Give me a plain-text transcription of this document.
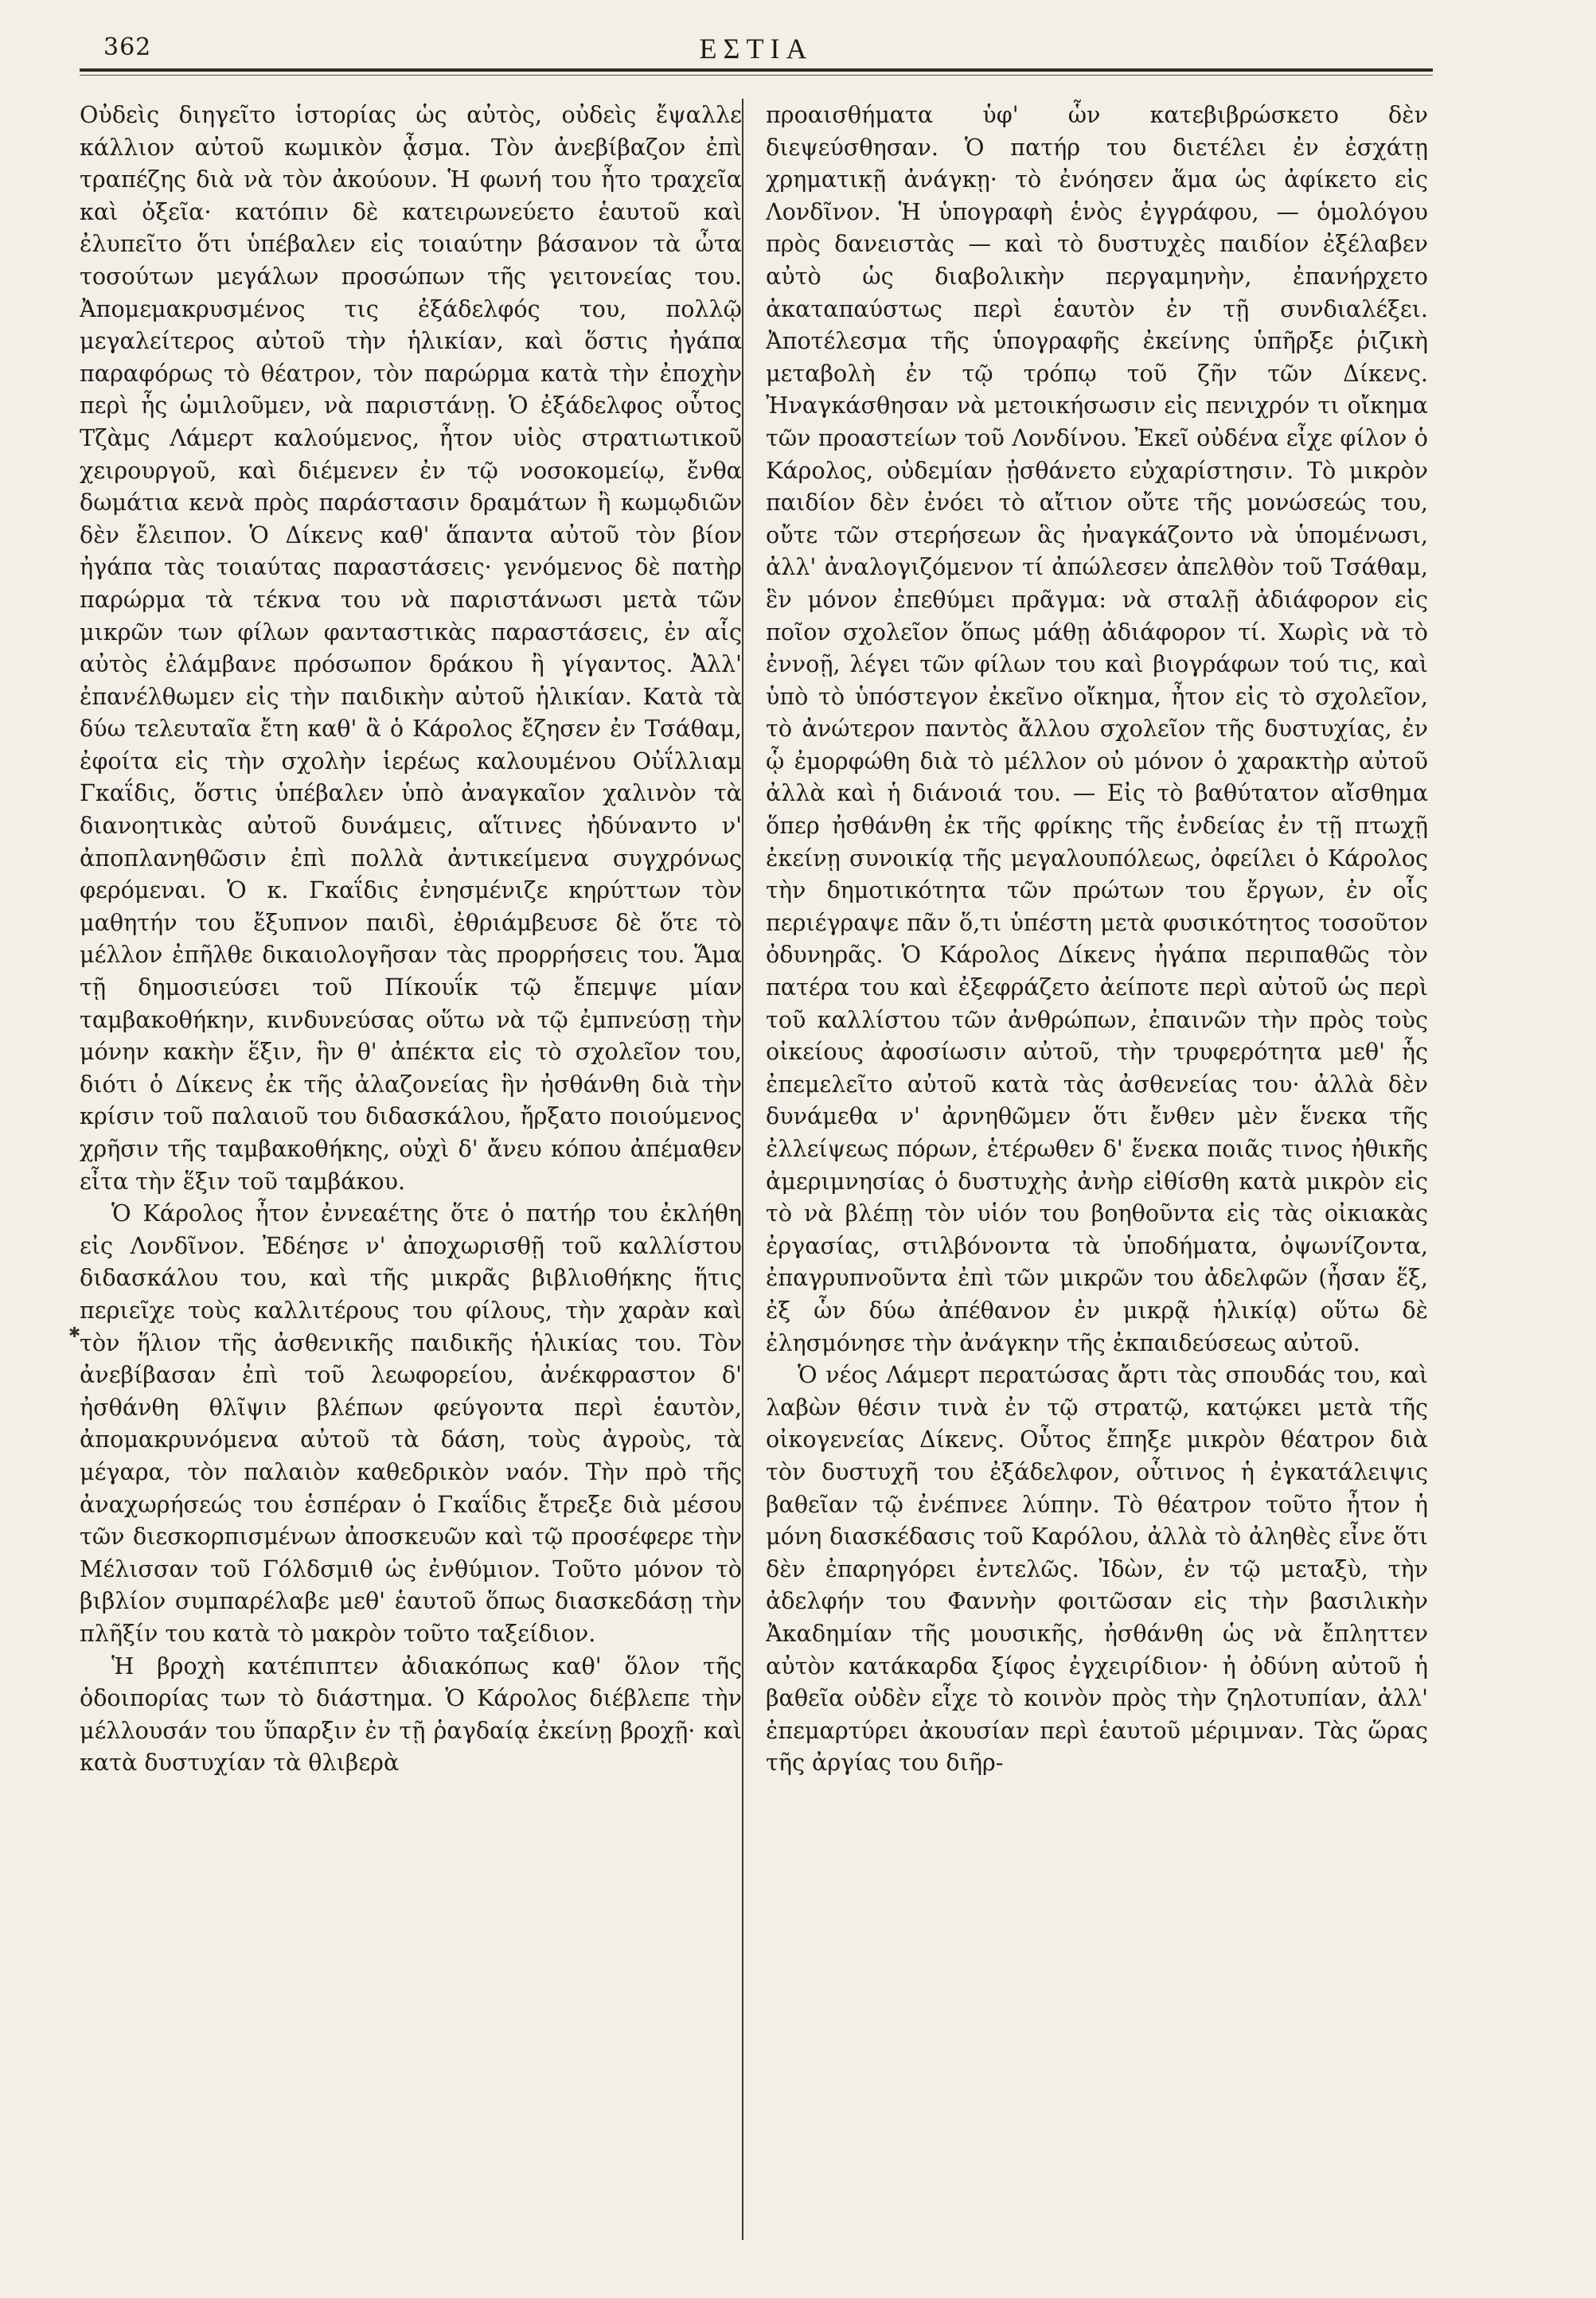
362	ΕΣΤΙΑ

Οὐδεὶς διηγεῖτο ἱστορίας ὡς αὐτὸς, οὐδεὶς ἔψαλλε κάλλιον αὐτοῦ κωμικὸν ᾆσμα. Τὸν ἀνεβίβαζον ἐπὶ τραπέζης διὰ νὰ τὸν ἀκούουν. Ἡ φωνή του ἦτο τραχεῖα καὶ ὀξεῖα· κατόπιν δὲ κατειρωνεύετο ἑαυτοῦ καὶ ἐλυπεῖτο ὅτι ὑπέβαλεν εἰς τοιαύτην βάσανον τὰ ὦτα τοσούτων μεγάλων προσώπων τῆς γειτονείας του. Ἀπομεμακρυσμένος τις ἐξάδελφός του, πολλῷ μεγαλείτερος αὐτοῦ τὴν ἡλικίαν, καὶ ὅστις ἠγάπα παραφόρως τὸ θέατρον, τὸν παρώρμα κατὰ τὴν ἐποχὴν περὶ ἧς ὡμιλοῦμεν, νὰ παριστάνῃ. Ὁ ἐξάδελφος οὗτος Τζὰμς Λάμερτ καλούμενος, ἦτον υἱὸς στρατιωτικοῦ χειρουργοῦ, καὶ διέμενεν ἐν τῷ νοσοκομείῳ, ἔνθα δωμάτια κενὰ πρὸς παράστασιν δραμάτων ἢ κωμῳδιῶν δὲν ἔλειπον. Ὁ Δίκενς καθ' ἅπαντα αὐτοῦ τὸν βίον ἠγάπα τὰς τοιαύτας παραστάσεις· γενόμενος δὲ πατὴρ παρώρμα τὰ τέκνα του νὰ παριστάνωσι μετὰ τῶν μικρῶν των φίλων φανταστικὰς παραστάσεις, ἐν αἷς αὐτὸς ἐλάμβανε πρόσωπον δράκου ἢ γίγαντος. Ἀλλ' ἐπανέλθωμεν εἰς τὴν παιδικὴν αὐτοῦ ἡλικίαν. Κατὰ τὰ δύω τελευταῖα ἔτη καθ' ἃ ὁ Κάρολος ἔζησεν ἐν Τσάθαμ, ἐφοίτα εἰς τὴν σχολὴν ἱερέως καλουμένου Οὐΐλλιαμ Γκαΐδις, ὅστις ὑπέβαλεν ὑπὸ ἀναγκαῖον χαλινὸν τὰ διανοητικὰς αὐτοῦ δυνάμεις, αἵτινες ἠδύναντο ν' ἀποπλανηθῶσιν ἐπὶ πολλὰ ἀντικείμενα συγχρόνως φερόμεναι. Ὁ κ. Γκαΐδις ἐνησμένιζε κηρύττων τὸν μαθητήν του ἔξυπνον παιδὶ, ἐθριάμβευσε δὲ ὅτε τὸ μέλλον ἐπῆλθε δικαιολογῆσαν τὰς προρρήσεις του. Ἅμα τῇ δημοσιεύσει τοῦ Πίκουΐκ τῷ ἔπεμψε μίαν ταμβακοθήκην, κινδυνεύσας οὕτω νὰ τῷ ἐμπνεύσῃ τὴν μόνην κακὴν ἕξιν, ἣν θ' ἀπέκτα εἰς τὸ σχολεῖον του, διότι ὁ Δίκενς ἐκ τῆς ἀλαζονείας ἣν ἠσθάνθη διὰ τὴν κρίσιν τοῦ παλαιοῦ του διδασκάλου, ἤρξατο ποιούμενος χρῆσιν τῆς ταμβακοθήκης, οὐχὶ δ' ἄνευ κόπου ἀπέμαθεν εἶτα τὴν ἕξιν τοῦ ταμβάκου.

Ὁ Κάρολος ἦτον ἐννεαέτης ὅτε ὁ πατήρ του ἐκλήθη εἰς Λονδῖνον. Ἐδέησε ν' ἀποχωρισθῇ τοῦ καλλίστου διδασκάλου του, καὶ τῆς μικρᾶς βιβλιοθήκης ἥτις περιεῖχε τοὺς καλλιτέρους του φίλους, τὴν χαρὰν καὶ τὸν ἥλιον τῆς ἀσθενικῆς παιδικῆς ἡλικίας του. Τὸν ἀνεβίβασαν ἐπὶ τοῦ λεωφορείου, ἀνέκφραστον δ' ἠσθάνθη θλῖψιν βλέπων φεύγοντα περὶ ἑαυτὸν, ἀπομακρυνόμενα αὐτοῦ τὰ δάση, τοὺς ἀγροὺς, τὰ μέγαρα, τὸν παλαιὸν καθεδρικὸν ναόν. Τὴν πρὸ τῆς ἀναχωρήσεώς του ἑσπέραν ὁ Γκαΐδις ἔτρεξε διὰ μέσου τῶν διεσκορπισμένων ἀποσκευῶν καὶ τῷ προσέφερε τὴν Μέλισσαν τοῦ Γόλδσμιθ ὡς ἐνθύμιον. Τοῦτο μόνον τὸ βιβλίον συμπαρέλαβε μεθ' ἑαυτοῦ ὅπως διασκεδάσῃ τὴν πλῆξίν του κατὰ τὸ μακρὸν τοῦτο ταξείδιον.

Ἡ βροχὴ κατέπιπτεν ἀδιακόπως καθ' ὅλον τῆς ὁδοιπορίας των τὸ διάστημα. Ὁ Κάρολος διέβλεπε τὴν μέλλουσάν του ὕπαρξιν ἐν τῇ ῥαγδαίᾳ ἐκείνῃ βροχῇ· καὶ κατὰ δυστυχίαν τὰ θλιβερὰ

προαισθήματα ὑφ' ὧν κατεβιβρώσκετο δὲν διεψεύσθησαν. Ὁ πατήρ του διετέλει ἐν ἐσχάτῃ χρηματικῇ ἀνάγκῃ· τὸ ἐνόησεν ἅμα ὡς ἀφίκετο εἰς Λονδῖνον. Ἡ ὑπογραφὴ ἑνὸς ἐγγράφου, — ὁμολόγου πρὸς δανειστὰς — καὶ τὸ δυστυχὲς παιδίον ἐξέλαβεν αὐτὸ ὡς διαβολικὴν περγαμηνὴν, ἐπανήρχετο ἀκαταπαύστως περὶ ἑαυτὸν ἐν τῇ συνδιαλέξει. Ἀποτέλεσμα τῆς ὑπογραφῆς ἐκείνης ὑπῆρξε ῥιζικὴ μεταβολὴ ἐν τῷ τρόπῳ τοῦ ζῆν τῶν Δίκενς. Ἠναγκάσθησαν νὰ μετοικήσωσιν εἰς πενιχρόν τι οἴκημα τῶν προαστείων τοῦ Λονδίνου. Ἐκεῖ οὐδένα εἶχε φίλον ὁ Κάρολος, οὐδεμίαν ᾐσθάνετο εὐχαρίστησιν. Τὸ μικρὸν παιδίον δὲν ἐνόει τὸ αἴτιον οὔτε τῆς μονώσεώς του, οὔτε τῶν στερήσεων ἃς ἠναγκάζοντο νὰ ὑπομένωσι, ἀλλ' ἀναλογιζόμενον τί ἀπώλεσεν ἀπελθὸν τοῦ Τσάθαμ, ἓν μόνον ἐπεθύμει πρᾶγμα: νὰ σταλῇ ἀδιάφορον εἰς ποῖον σχολεῖον ὅπως μάθῃ ἀδιάφορον τί. Χωρὶς νὰ τὸ ἐννοῇ, λέγει τῶν φίλων του καὶ βιογράφων τού τις, καὶ ὑπὸ τὸ ὑπόστεγον ἐκεῖνο οἴκημα, ἦτον εἰς τὸ σχολεῖον, τὸ ἀνώτερον παντὸς ἄλλου σχολεῖον τῆς δυστυχίας, ἐν ᾧ ἐμορφώθη διὰ τὸ μέλλον οὐ μόνον ὁ χαρακτὴρ αὐτοῦ ἀλλὰ καὶ ἡ διάνοιά του. — Εἰς τὸ βαθύτατον αἴσθημα ὅπερ ἠσθάνθη ἐκ τῆς φρίκης τῆς ἐνδείας ἐν τῇ πτωχῇ ἐκείνῃ συνοικίᾳ τῆς μεγαλουπόλεως, ὀφείλει ὁ Κάρολος τὴν δημοτικότητα τῶν πρώτων του ἔργων, ἐν οἷς περιέγραψε πᾶν ὅ,τι ὑπέστη μετὰ φυσικότητος τοσοῦτον ὀδυνηρᾶς. Ὁ Κάρολος Δίκενς ἠγάπα περιπαθῶς τὸν πατέρα του καὶ ἐξεφράζετο ἀείποτε περὶ αὐτοῦ ὡς περὶ τοῦ καλλίστου τῶν ἀνθρώπων, ἐπαινῶν τὴν πρὸς τοὺς οἰκείους ἀφοσίωσιν αὐτοῦ, τὴν τρυφερότητα μεθ' ἧς ἐπεμελεῖτο αὐτοῦ κατὰ τὰς ἀσθενείας του· ἀλλὰ δὲν δυνάμεθα ν' ἀρνηθῶμεν ὅτι ἔνθεν μὲν ἕνεκα τῆς ἐλλείψεως πόρων, ἑτέρωθεν δ' ἕνεκα ποιᾶς τινος ἠθικῆς ἀμεριμνησίας ὁ δυστυχὴς ἀνὴρ εἰθίσθη κατὰ μικρὸν εἰς τὸ νὰ βλέπῃ τὸν υἱόν του βοηθοῦντα εἰς τὰς οἰκιακὰς ἐργασίας, στιλβόνοντα τὰ ὑποδήματα, ὀψωνίζοντα, ἐπαγρυπνοῦντα ἐπὶ τῶν μικρῶν του ἀδελφῶν (ἦσαν ἕξ, ἐξ ὧν δύω ἀπέθανον ἐν μικρᾷ ἡλικίᾳ) οὕτω δὲ ἐλησμόνησε τὴν ἀνάγκην τῆς ἐκπαιδεύσεως αὐτοῦ.

Ὁ νέος Λάμερτ περατώσας ἄρτι τὰς σπουδάς του, καὶ λαβὼν θέσιν τινὰ ἐν τῷ στρατῷ, κατῴκει μετὰ τῆς οἰκογενείας Δίκενς. Οὗτος ἔπηξε μικρὸν θέατρον διὰ τὸν δυστυχῆ του ἐξάδελφον, οὗτινος ἡ ἐγκατάλειψις βαθεῖαν τῷ ἐνέπνεε λύπην. Τὸ θέατρον τοῦτο ἦτον ἡ μόνη διασκέδασις τοῦ Καρόλου, ἀλλὰ τὸ ἀληθὲς εἶνε ὅτι δὲν ἐπαρηγόρει ἐντελῶς. Ἰδὼν, ἐν τῷ μεταξὺ, τὴν ἀδελφήν του Φαννὴν φοιτῶσαν εἰς τὴν βασιλικὴν Ἀκαδημίαν τῆς μουσικῆς, ἠσθάνθη ὡς νὰ ἔπληττεν αὐτὸν κατάκαρδα ξίφος ἐγχειρίδιον· ἡ ὀδύνη αὐτοῦ ἡ βαθεῖα οὐδὲν εἶχε τὸ κοινὸν πρὸς τὴν ζηλοτυπίαν, ἀλλ' ἐπεμαρτύρει ἀκουσίαν περὶ ἑαυτοῦ μέριμναν. Τὰς ὥρας τῆς ἀργίας του διῆρ-

✱
